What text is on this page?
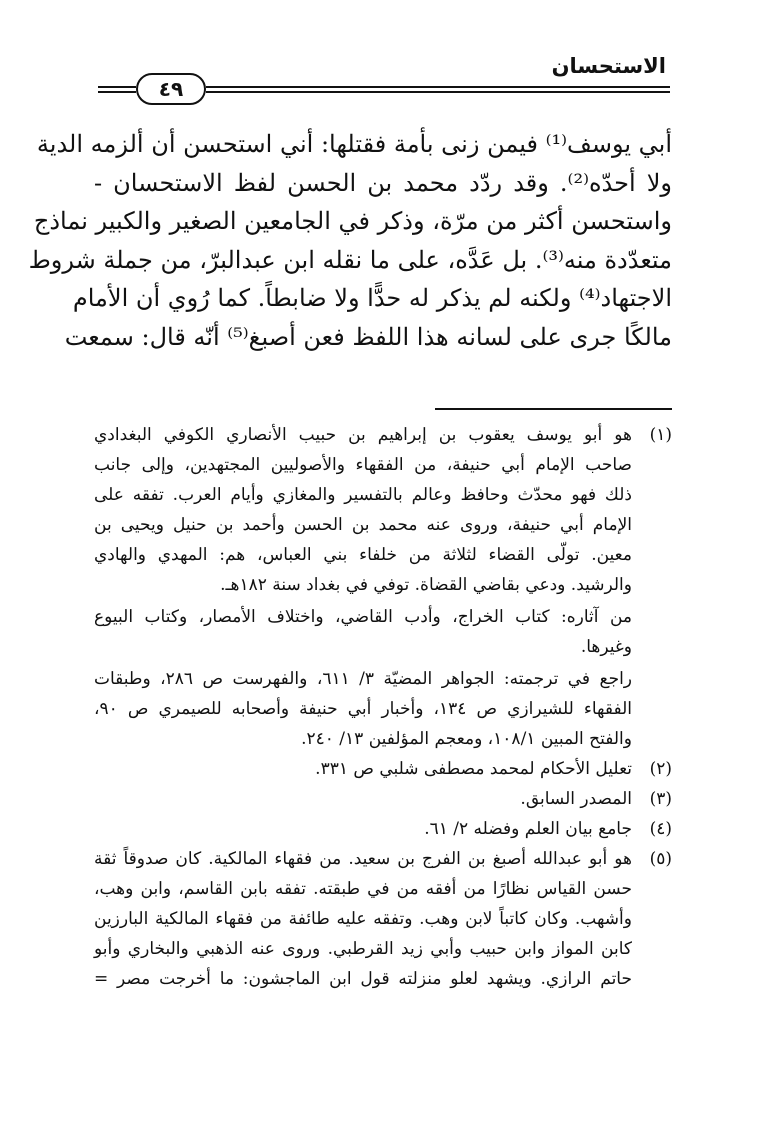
الاستحسان
٤٩
أبي يوسف⁽¹⁾ فيمن زنى بأمة فقتلها: أني استحسن أن ألزمه الدية
ولا أحدّه⁽²⁾. وقد ردّد محمد بن الحسن لفظ الاستحسان -
واستحسن أكثر من مرّة، وذكر في الجامعين الصغير والكبير نماذج
متعدّدة منه⁽³⁾. بل عَدَّه، على ما نقله ابن عبدالبرّ، من جملة شروط
الاجتهاد⁽⁴⁾ ولكنه لم يذكر له حدًّا ولا ضابطاً. كما رُوي أن الأمام
مالكًا جرى على لسانه هذا اللفظ فعن أصبغ⁽⁵⁾ أنّه قال: سمعت
(١)
هو أبو يوسف يعقوب بن إبراهيم بن حبيب الأنصاري الكوفي البغدادي
صاحب الإمام أبي حنيفة، من الفقهاء والأصوليين المجتهدين، وإلى جانب
ذلك فهو محدّث وحافظ وعالم بالتفسير والمغازي وأيام العرب. تفقه على
الإمام أبي حنيفة، وروى عنه محمد بن الحسن وأحمد بن حنيل ويحيى بن
معين. تولّى القضاء لثلاثة من خلفاء بني العباس، هم: المهدي والهادي
والرشيد. ودعي بقاضي القضاة. توفي في بغداد سنة ١٨٢هـ.
من آثاره: كتاب الخراج، وأدب القاضي، واختلاف الأمصار، وكتاب البيوع
وغيرها.
راجع في ترجمته: الجواهر المضيّة ٣/ ٦١١، والفهرست ص ٢٨٦، وطبقات
الفقهاء للشيرازي ص ١٣٤، وأخبار أبي حنيفة وأصحابه للصيمري ص ٩٠،
والفتح المبين ١٠٨/١، ومعجم المؤلفين ١٣/ ٢٤٠.
(٢)
تعليل الأحكام لمحمد مصطفى شلبي ص ٣٣١.
(٣)
المصدر السابق.
(٤)
جامع بيان العلم وفضله ٢/ ٦١.
(٥)
هو أبو عبدالله أصبغ بن الفرج بن سعيد. من فقهاء المالكية. كان صدوقاً ثقة
حسن القياس نظارًا من أفقه من في طبقته. تفقه بابن القاسم، وابن وهب،
وأشهب. وكان كاتباً لابن وهب. وتفقه عليه طائفة من فقهاء المالكية البارزين
كابن المواز وابن حبيب وأبي زيد القرطبي. وروى عنه الذهبي والبخاري وأبو
حاتم الرازي. ويشهد لعلو منزلته قول ابن الماجشون: ما أخرجت مصر =
